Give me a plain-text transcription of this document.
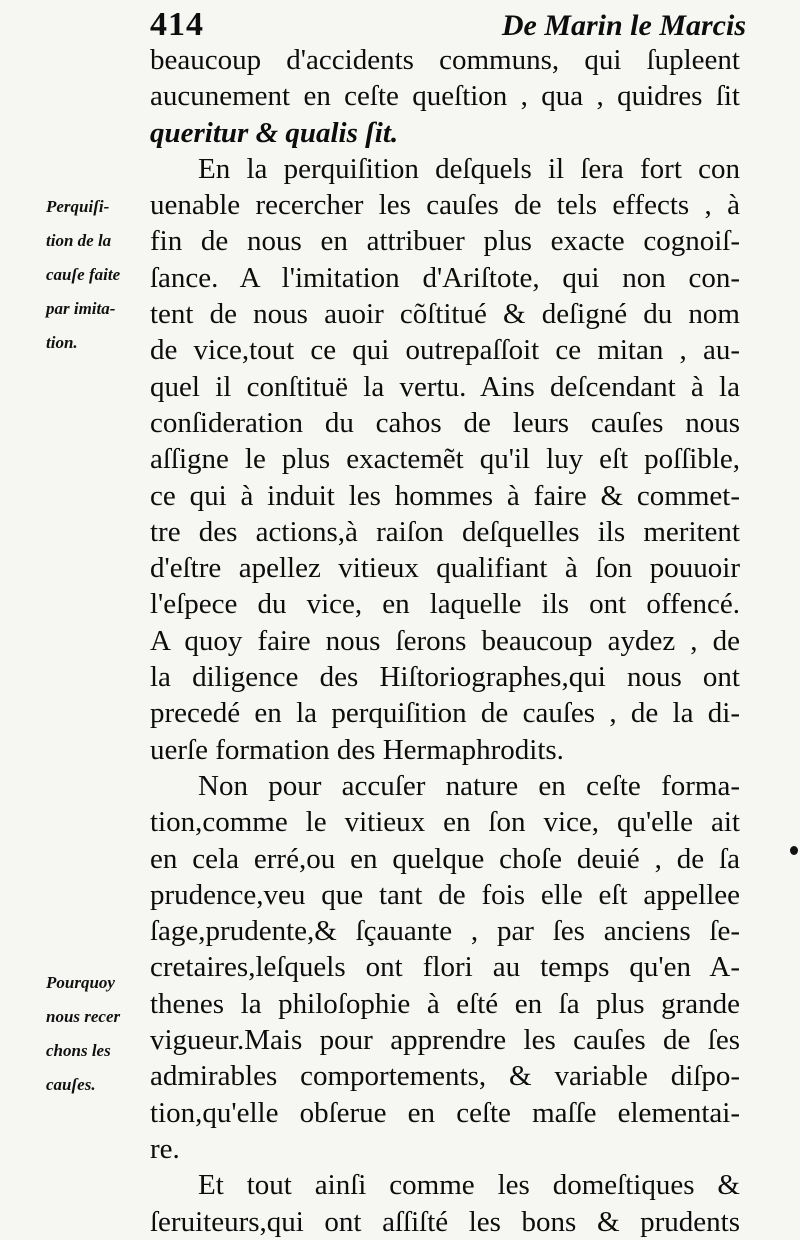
414	De Marin le Marcis
Perquiſi-
tion de la
cauſe faite
par imita-
tion.
Pourquoy
nous recer
chons les
cauſes.
beaucoup d'accidents communs, qui ſupleent
aucunement en ceſte queſtion , qua , quidres ſit
queritur & qualis ſit.
En la perquiſition deſquels il ſera fort con
uenable recercher les cauſes de tels effects , à
fin de nous en attribuer plus exacte cognoiſ-
ſance. A l'imitation d'Ariſtote, qui non con-
tent de nous auoir cõſtitué & deſigné du nom
de vice,tout ce qui outrepaſſoit ce mitan , au-
quel il conſtituë la vertu. Ains deſcendant à la
conſideration du cahos de leurs cauſes nous
aſſigne le plus exactemẽt qu'il luy eſt poſſible,
ce qui à induit les hommes à faire & commet-
tre des actions,à raiſon deſquelles ils meritent
d'eſtre apellez vitieux qualifiant à ſon pouuoir
l'eſpece du vice, en laquelle ils ont offencé.
A quoy faire nous ſerons beaucoup aydez , de
la diligence des Hiſtoriographes,qui nous ont
precedé en la perquiſition de cauſes , de la di-
uerſe formation des Hermaphrodits.
Non pour accuſer nature en ceſte forma-
tion,comme le vitieux en ſon vice, qu'elle ait
en cela erré,ou en quelque choſe deuié , de ſa
prudence,veu que tant de fois elle eſt appellee
ſage,prudente,& ſçauante , par ſes anciens ſe-
cretaires,leſquels ont flori au temps qu'en A-
thenes la philoſophie à eſté en ſa plus grande
vigueur.Mais pour apprendre les cauſes de ſes
admirables comportements, & variable diſpo-
tion,qu'elle obſerue en ceſte maſſe elementai-
re.
Et tout ainſi comme les domeſtiques &
ſeruiteurs,qui ont aſſiſté les bons & prudents
